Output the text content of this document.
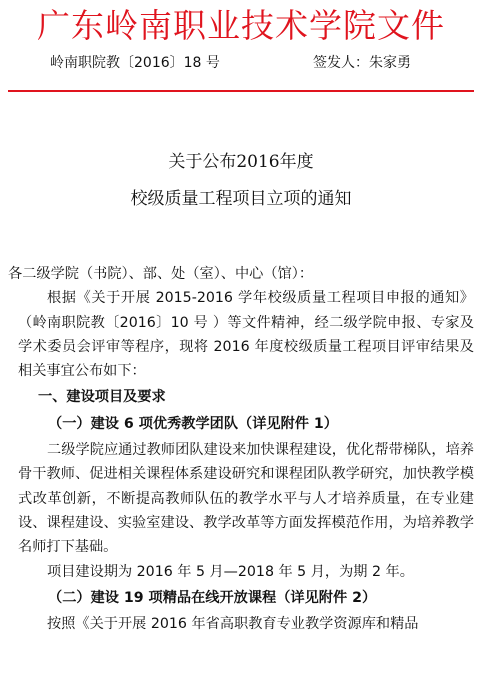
广东岭南职业技术学院文件
岭南职院教〔2016〕18 号	签发人：朱家勇
关于公布2016年度
校级质量工程项目立项的通知

各二级学院（书院）、部、处（室）、中心（馆）：

根据《关于开展 2015-2016 学年校级质量工程项目申报的通知》（岭南职院教〔2016〕10 号 ）等文件精神，经二级学院申报、专家及学术委员会评审等程序，现将 2016 年度校级质量工程项目评审结果及相关事宜公布如下：

一、建设项目及要求

（一）建设 6 项优秀教学团队（详见附件 1）

二级学院应通过教师团队建设来加快课程建设，优化帮带梯队，培养骨干教师、促进相关课程体系建设研究和课程团队教学研究，加快教学模式改革创新，不断提高教师队伍的教学水平与人才培养质量，在专业建设、课程建设、实验室建设、教学改革等方面发挥模范作用，为培养教学名师打下基础。

项目建设期为 2016 年 5 月—2018 年 5 月，为期 2 年。

（二）建设 19 项精品在线开放课程（详见附件 2）

按照《关于开展 2016 年省高职教育专业教学资源库和精品
